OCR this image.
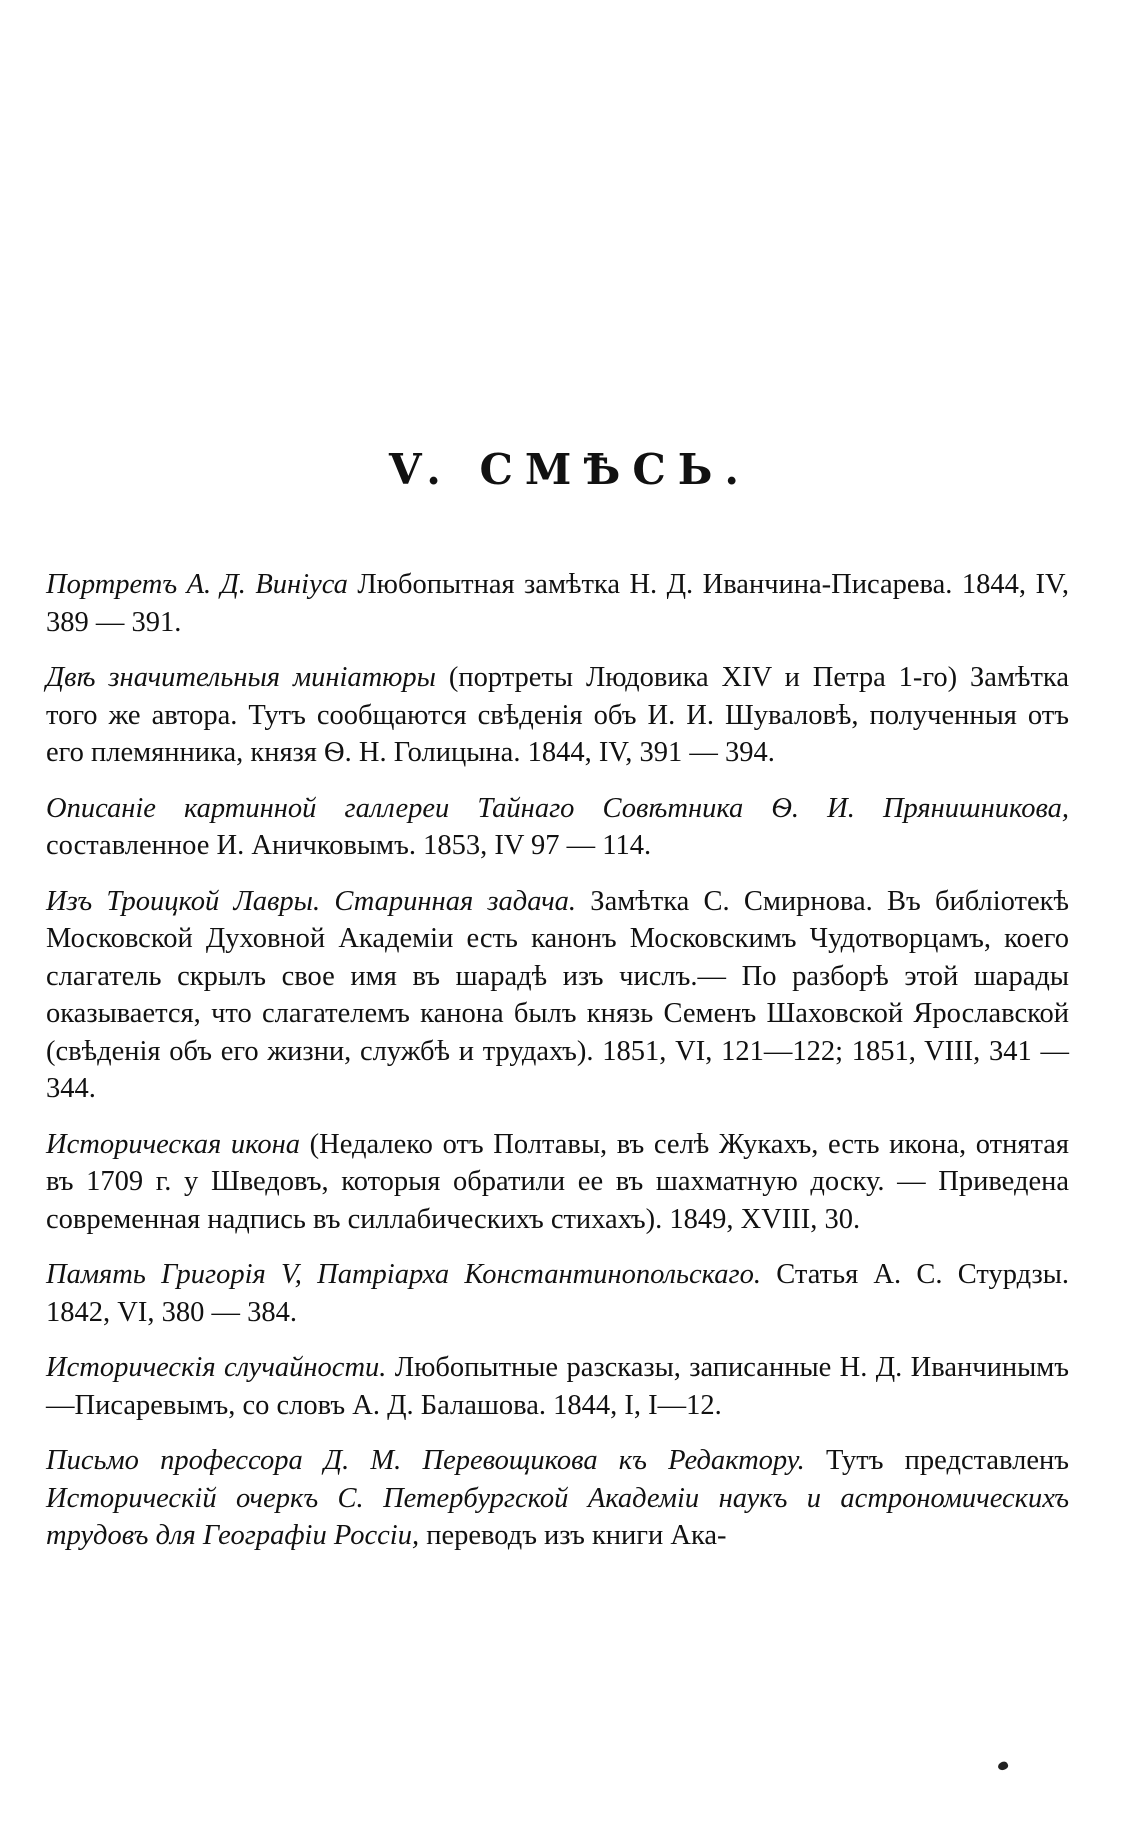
V. СМѢСЬ.

Портретъ А. Д. Виніуса Любопытная замѣтка Н. Д. Иванчина-Писарева. 1844, IV, 389 — 391.

Двѣ значительныя миніатюры (портреты Людовика XIV и Петра 1-го) Замѣтка того же автора. Тутъ сообщаются свѣденія объ И. И. Шуваловѣ, полученныя отъ его племянника, князя Ѳ. Н. Голицына. 1844, IV, 391 — 394.

Описаніе картинной галлереи Тайнаго Совѣтника Ѳ. И. Прянишникова, составленное И. Аничковымъ. 1853, IV 97 — 114.

Изъ Троицкой Лавры. Старинная задача. Замѣтка С. Смирнова. Въ библіотекѣ Московской Духовной Академіи есть канонъ Московскимъ Чудотворцамъ, коего слагатель скрылъ свое имя въ шарадѣ изъ числъ.— По разборѣ этой шарады оказывается, что слагателемъ канона былъ князь Семенъ Шаховской Ярославской (свѣденія объ его жизни, службѣ и трудахъ). 1851, VI, 121—122; 1851, VIII, 341 — 344.

Историческая икона (Недалеко отъ Полтавы, въ селѣ Жукахъ, есть икона, отнятая въ 1709 г. у Шведовъ, которыя обратили ее въ шахматную доску. — Приведена современная надпись въ силлабическихъ стихахъ). 1849, XVIII, 30.

Память Григорія V, Патріарха Константинопольскаго. Статья А. С. Стурдзы. 1842, VI, 380 — 384.

Историческія случайности. Любопытные разсказы, записанные Н. Д. Иванчинымъ—Писаревымъ, со словъ А. Д. Балашова. 1844, I, I—12.

Письмо профессора Д. М. Перевощикова къ Редактору. Тутъ представленъ Историческій очеркъ С. Петербургской Академіи наукъ и астрономическихъ трудовъ для Географіи Россіи, переводъ изъ книги Ака-
